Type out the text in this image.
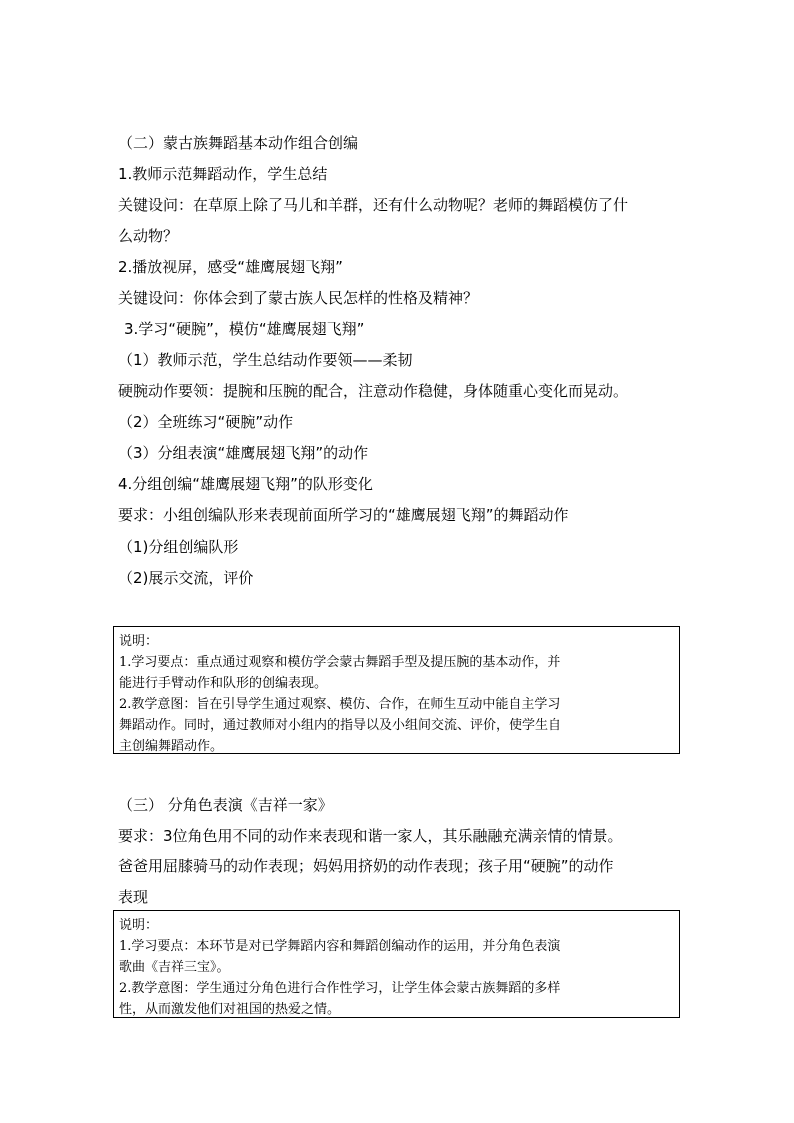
（二）蒙古族舞蹈基本动作组合创编
1.教师示范舞蹈动作，学生总结
关键设问：在草原上除了马儿和羊群，还有什么动物呢？老师的舞蹈模仿了什
么动物？
2.播放视屏，感受“雄鹰展翅飞翔”
关键设问：你体会到了蒙古族人民怎样的性格及精神？
3.学习“硬腕”，模仿“雄鹰展翅飞翔”
（1）教师示范，学生总结动作要领——柔韧
硬腕动作要领：提腕和压腕的配合，注意动作稳健，身体随重心变化而晃动。
（2）全班练习“硬腕”动作
（3）分组表演“雄鹰展翅飞翔”的动作
4.分组创编“雄鹰展翅飞翔”的队形变化
要求：小组创编队形来表现前面所学习的“雄鹰展翅飞翔”的舞蹈动作
（1)分组创编队形
（2)展示交流，评价
说明：
1.学习要点：重点通过观察和模仿学会蒙古舞蹈手型及提压腕的基本动作，并
能进行手臂动作和队形的创编表现。
2.教学意图：旨在引导学生通过观察、模仿、合作，在师生互动中能自主学习
舞蹈动作。同时，通过教师对小组内的指导以及小组间交流、评价，使学生自
主创编舞蹈动作。
（三） 分角色表演《吉祥一家》
要求：3位角色用不同的动作来表现和谐一家人，其乐融融充满亲情的情景。
爸爸用屈膝骑马的动作表现；妈妈用挤奶的动作表现；孩子用“硬腕”的动作
表现
说明：
1.学习要点：本环节是对已学舞蹈内容和舞蹈创编动作的运用，并分角色表演
歌曲《吉祥三宝》。
2.教学意图：学生通过分角色进行合作性学习，让学生体会蒙古族舞蹈的多样
性，从而激发他们对祖国的热爱之情。
